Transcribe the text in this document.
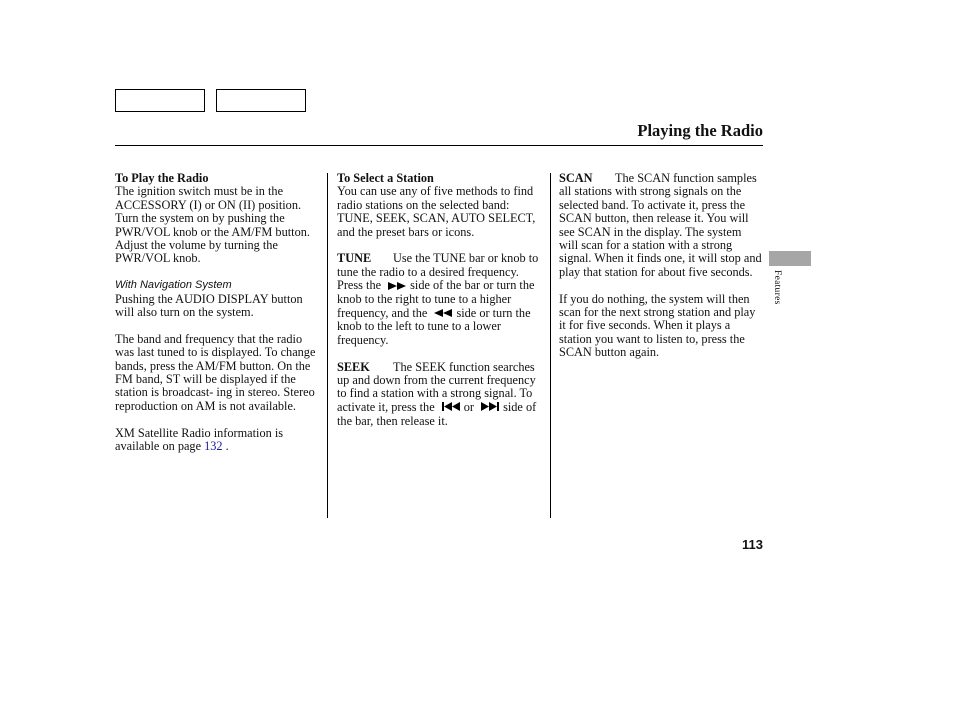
Playing the Radio
Features

To Play the Radio

The ignition switch must be in the ACCESSORY (I) or ON (II) position. Turn the system on by pushing the PWR/VOL knob or the AM/FM button. Adjust the volume by turning the PWR/VOL knob.

With Navigation System

Pushing the AUDIO DISPLAY button will also turn on the system.

The band and frequency that the radio was last tuned to is displayed. To change bands, press the AM/FM button. On the FM band, ST will be displayed if the station is broadcast- ing in stereo. Stereo reproduction on AM is not available.

XM Satellite Radio information is available on page 132 .

To Select a Station

You can use any of five methods to find radio stations on the selected band: TUNE, SEEK, SCAN, AUTO SELECT, and the preset bars or icons.

TUNE Use the TUNE bar or knob to tune the radio to a desired frequency. Press the side of the bar or turn the knob to the right to tune to a higher frequency, and the side or turn the knob to the left to tune to a lower frequency.

SEEK The SEEK function searches up and down from the current frequency to find a station with a strong signal. To activate it, press the or side of the bar, then release it.

SCAN The SCAN function samples all stations with strong signals on the selected band. To activate it, press the SCAN button, then release it. You will see SCAN in the display. The system will scan for a station with a strong signal. When it finds one, it will stop and play that station for about five seconds.

If you do nothing, the system will then scan for the next strong station and play it for five seconds. When it plays a station you want to listen to, press the SCAN button again.

113
